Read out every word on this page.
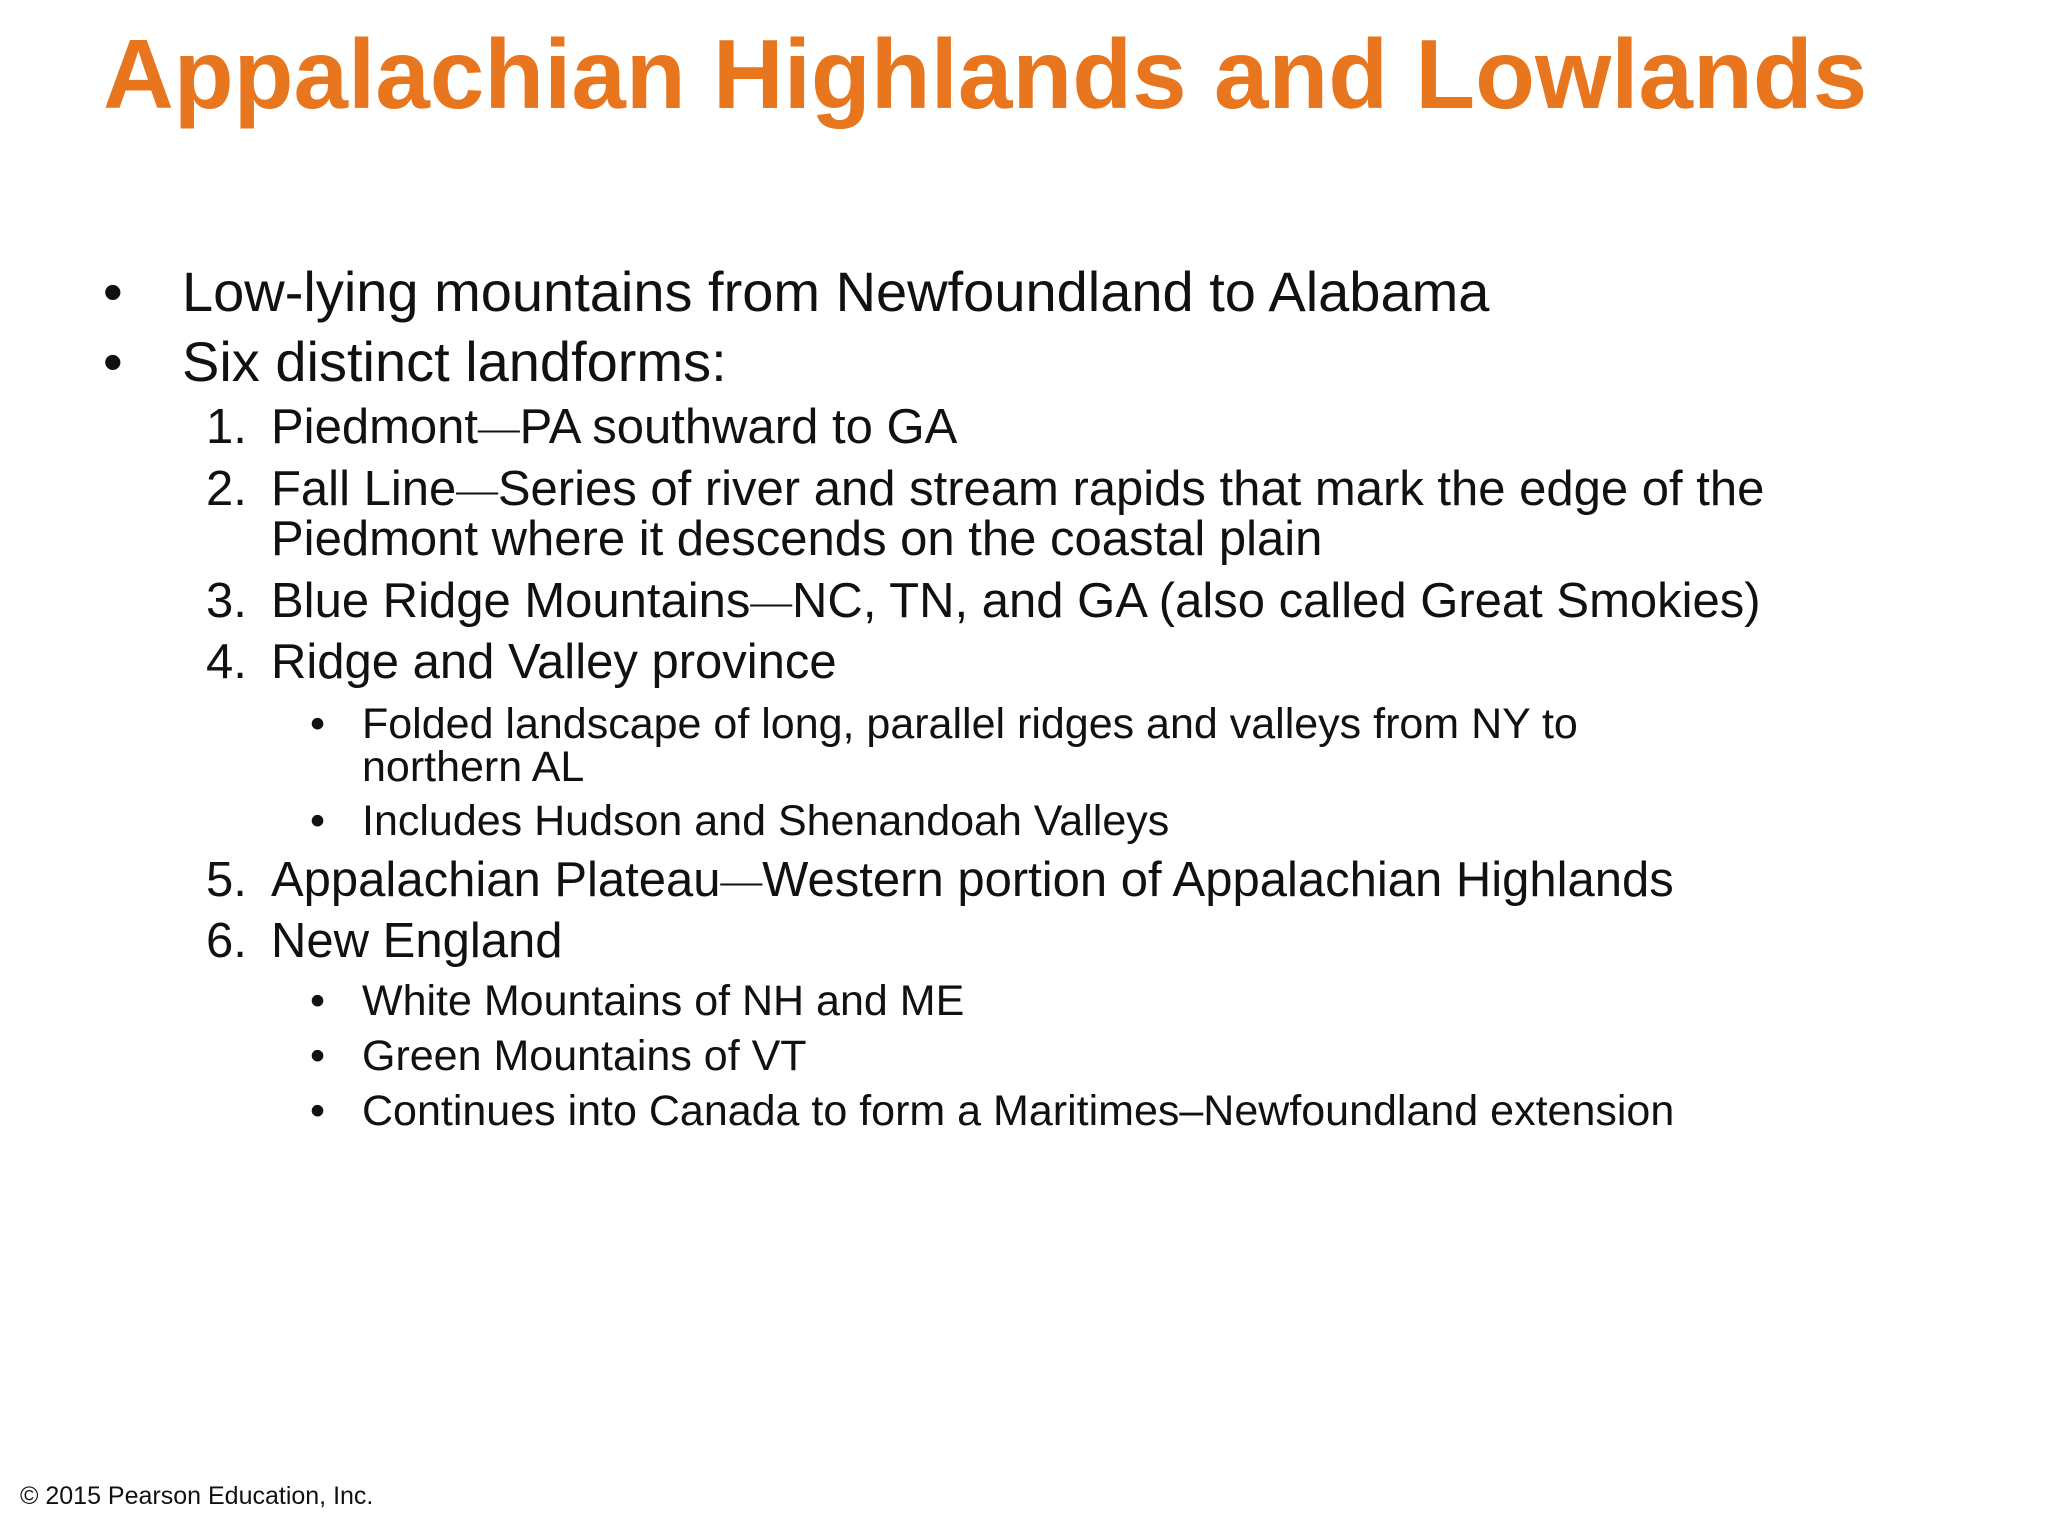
Appalachian Highlands and Lowlands
• Low-lying mountains from Newfoundland to Alabama
• Six distinct landforms:
1. Piedmont—PA southward to GA
2. Fall Line—Series of river and stream rapids that mark the edge of the
Piedmont where it descends on the coastal plain
3. Blue Ridge Mountains—NC, TN, and GA (also called Great Smokies)
4. Ridge and Valley province
• Folded landscape of long, parallel ridges and valleys from NY to
northern AL
• Includes Hudson and Shenandoah Valleys
5. Appalachian Plateau—Western portion of Appalachian Highlands
6. New England
• White Mountains of NH and ME
• Green Mountains of VT
• Continues into Canada to form a Maritimes–Newfoundland extension
© 2015 Pearson Education, Inc.
